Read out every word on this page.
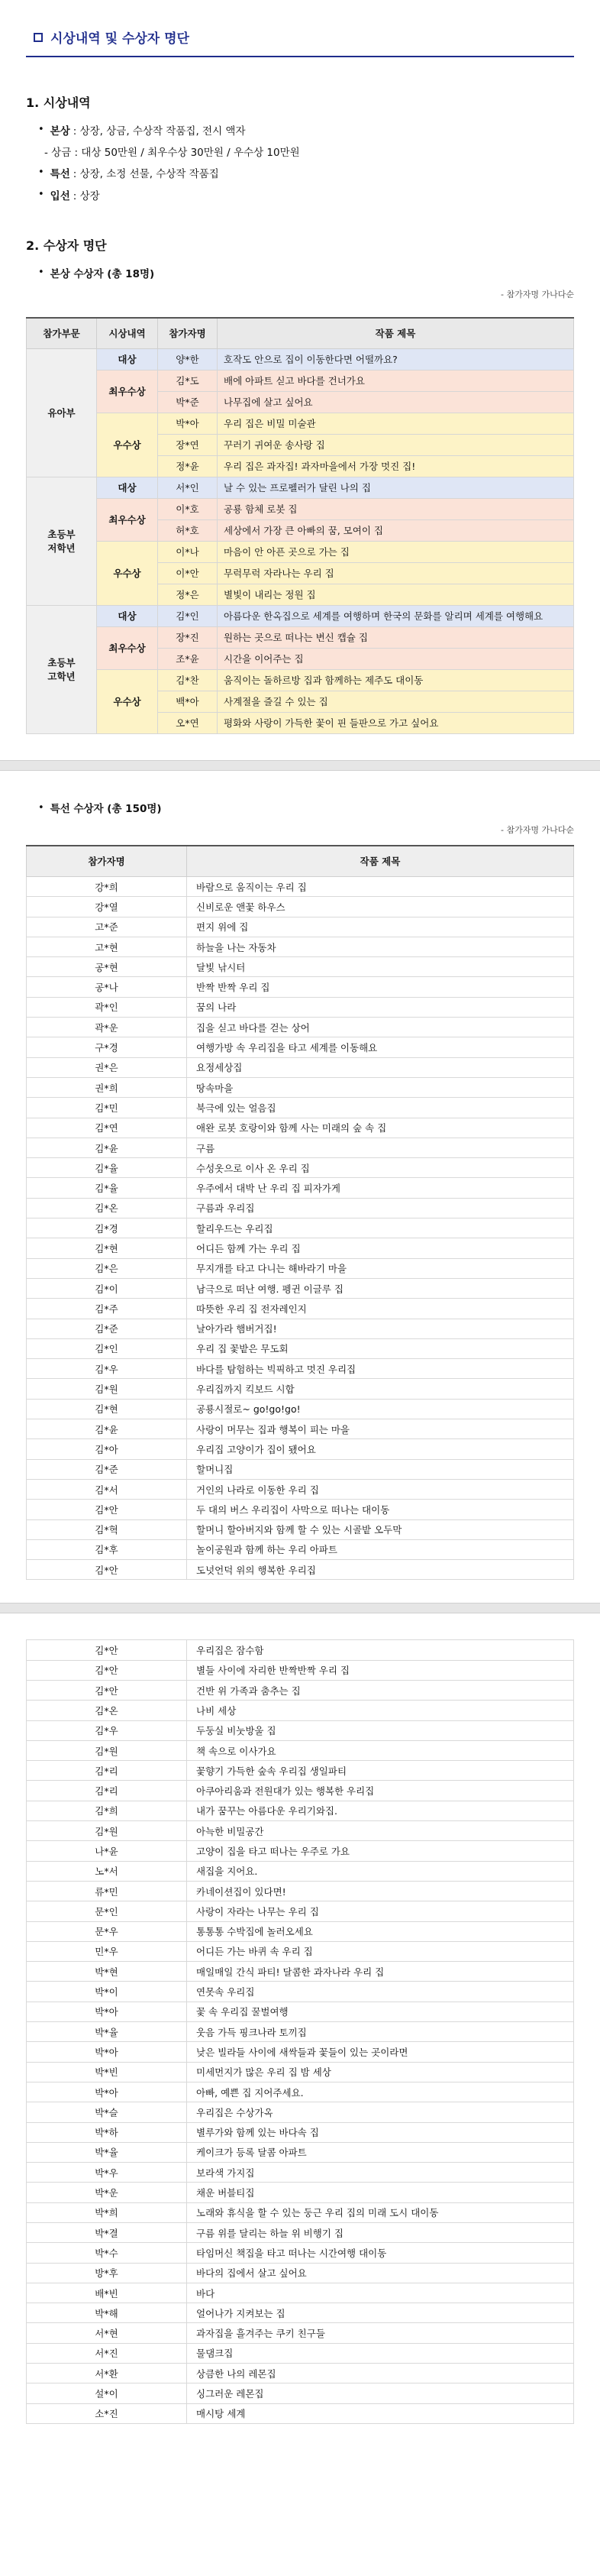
시상내역 및 수상자 명단
1. 시상내역
• 본상 : 상장, 상금, 수상작 작품집, 전시 액자
- 상금 : 대상 50만원 / 최우수상 30만원 / 우수상 10만원
• 특선 : 상장, 소정 선물, 수상작 작품집
• 입선 : 상장
2. 수상자 명단
• 본상 수상자 (총 18명)
- 참가자명 가나다순
참가부문	시상내역	참가자명	작품 제목
유아부	대상	양*한	호작도 안으로 집이 이동한다면 어떨까요?
	최우수상	김*도	배에 아파트 싣고 바다를 건너가요
		박*준	나무집에 살고 싶어요
	우수상	박*아	우리 집은 비밀 미술관
		장*연	꾸러기 귀여운 송사랑 집
		정*윤	우리 집은 과자집! 과자마을에서 가장 멋진 집!
초등부
저학년	대상	서*인	날 수 있는 프로펠러가 달린 나의 집
	최우수상	이*호	공룡 함체 로봇 집
		허*호	세상에서 가장 큰 아빠의 꿈, 모여이 집
	우수상	이*나	마음이 안 아픈 곳으로 가는 집
		이*안	무럭무럭 자라나는 우리 집
		정*은	별빛이 내리는 정원 집
초등부
고학년	대상	김*인	아름다운 한옥집으로 세계를 여행하며 한국의 문화를 알리며 세계를 여행해요
	최우수상	장*진	원하는 곳으로 떠나는 변신 캡슐 집
		조*윤	시간을 이어주는 집
	우수상	김*찬	움직이는 돌하르방 집과 함께하는 제주도 대이동
		백*아	사계절을 즐길 수 있는 집
		오*연	평화와 사랑이 가득한 꽃이 핀 들판으로 가고 싶어요
• 특선 수상자 (총 150명)
- 참가자명 가나다순
참가자명	작품 제목
강*희	바람으로 움직이는 우리 집
강*열	신비로운 앤꽃 하우스
고*준	편지 위에 집
고*현	하늘을 나는 자동차
공*현	달빛 낚시터
공*나	반짝 반짝 우리 집
곽*인	꿈의 나라
곽*운	집을 싣고 바다를 걷는 상어
구*경	여행가방 속 우리집을 타고 세계를 이동해요
권*은	요정세상집
권*희	땅속마을
김*민	북극에 있는 얼음집
김*연	애완 로봇 호랑이와 함께 사는 미래의 숲 속 집
김*윤	구름
김*율	수성옷으로 이사 온 우리 집
김*율	우주에서 대박 난 우리 집 피자가게
김*온	구름과 우리집
김*경	할리우드는 우리집
김*현	어디든 함께 가는 우리 집
김*은	무지개를 타고 다니는 해바라기 마을
김*이	남극으로 떠난 여행. 펭귄 이글루 집
김*주	따뜻한 우리 집 전자레인지
김*준	날아가라 햄버거집!
김*인	우리 집 꽃밭은 무도회
김*우	바다를 탐험하는 빅픽하고 멋진 우리집
김*원	우리집까지 킥보드 시합
김*현	공룡시절로~ go!go!go!
김*윤	사랑이 머무는 집과 행복이 피는 마을
김*아	우리집 고양이가 집이 됐어요
김*준	할머니집
김*서	거인의 나라로 이동한 우리 집
김*안	두 대의 버스 우리집이 사막으로 떠나는 대이동
김*혁	할머니 할아버지와 함께 할 수 있는 시골밭 오두막
김*후	놀이공원과 함께 하는 우리 아파트
김*안	도넛언덕 위의 행복한 우리집
김*안	우리집은 잠수함
김*안	별들 사이에 자리한 반짝반짝 우리 집
김*안	건반 위 가족과 춤추는 집
김*온	나비 세상
김*우	두둥실 비눗방울 집
김*원	책 속으로 이사가요
김*리	꽃향기 가득한 숲속 우리집 생일파티
김*리	아쿠아리움과 전원대가 있는 행복한 우리집
김*희	내가 꿈꾸는 아름다운 우리기와집.
김*원	아늑한 비밀공간
나*윤	고양이 집을 타고 떠나는 우주로 가요
노*서	새집을 지어요.
류*민	카네이션집이 있다면!
문*인	사랑이 자라는 나무는 우리 집
문*우	통통통 수박집에 놀러오세요
민*우	어디든 가는 바퀴 속 우리 집
박*현	매일매일 간식 파티! 달콤한 과자나라 우리 집
박*이	연못속 우리집
박*아	꽃 속 우리집 꿀벌여행
박*율	웃음 가득 핑크나라 토끼집
박*아	낮은 빌라들 사이에 새싹들과 꽃들이 있는 곳이라면
박*빈	미세먼지가 많은 우리 집 밤 세상
박*아	아빠, 예쁜 집 지어주세요.
박*슬	우리집은 수상가옥
박*하	별루가와 함께 있는 바다속 집
박*율	케이크가 등록 달콤 아파트
박*우	보라색 가지집
박*운	채운 버블티집
박*희	노래와 휴식을 할 수 있는 둥근 우리 집의 미래 도시 대이동
박*결	구름 위를 달리는 하늘 위 비행기 집
박*수	타임머신 책집을 타고 떠나는 시간여행 대이동
방*후	바다의 집에서 살고 싶어요
배*빈	바다
박*해	얼어나가 지켜보는 집
서*현	과자집을 흘겨주는 쿠키 친구들
서*진	물댐크집
서*환	상큼한 나의 레몬집
설*이	싱그러운 레몬집
소*진	매시탕 세계
